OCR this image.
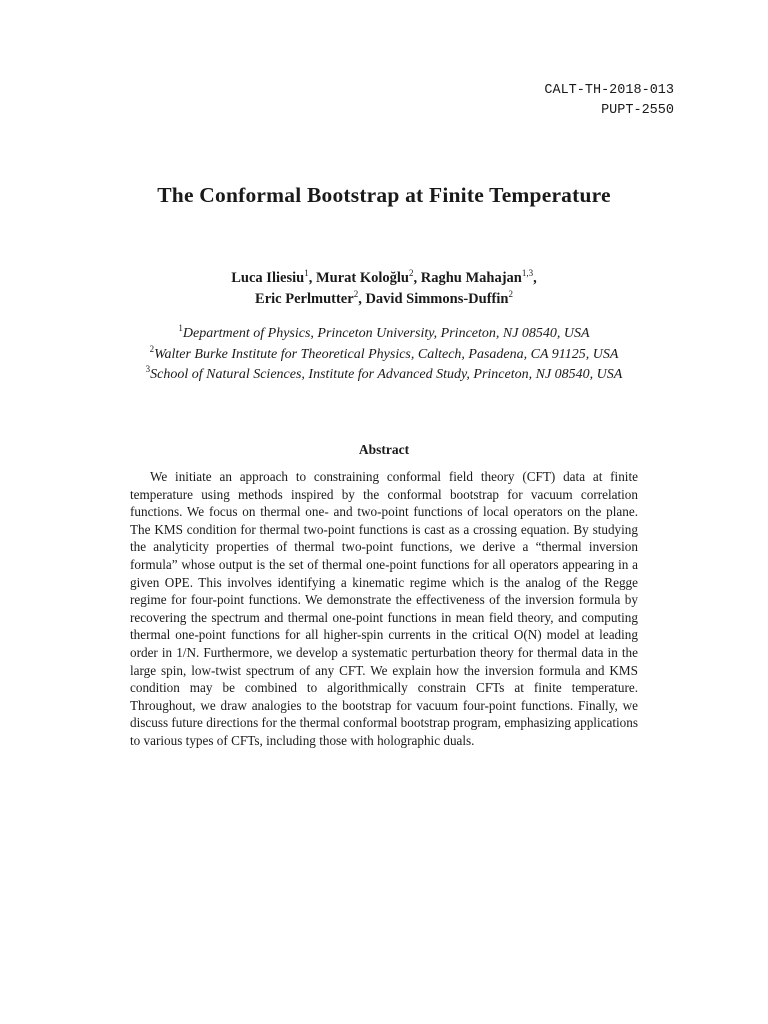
CALT-TH-2018-013
PUPT-2550
The Conformal Bootstrap at Finite Temperature
Luca Iliesiu$^1$, Murat Koloğlu$^2$, Raghu Mahajan$^{1,3}$,
Eric Perlmutter$^2$, David Simmons-Duffin$^2$
$^1$Department of Physics, Princeton University, Princeton, NJ 08540, USA
$^2$Walter Burke Institute for Theoretical Physics, Caltech, Pasadena, CA 91125, USA
$^3$School of Natural Sciences, Institute for Advanced Study, Princeton, NJ 08540, USA
Abstract

We initiate an approach to constraining conformal field theory (CFT) data at finite temperature using methods inspired by the conformal bootstrap for vacuum correlation functions. We focus on thermal one- and two-point functions of local operators on the plane. The KMS condition for thermal two-point functions is cast as a crossing equation. By studying the analyticity properties of thermal two-point functions, we derive a “thermal inversion formula” whose output is the set of thermal one-point functions for all operators appearing in a given OPE. This involves identifying a kinematic regime which is the analog of the Regge regime for four-point functions. We demonstrate the effectiveness of the inversion formula by recovering the spectrum and thermal one-point functions in mean field theory, and computing thermal one-point functions for all higher-spin currents in the critical O(N) model at leading order in 1/N. Furthermore, we develop a systematic perturbation theory for thermal data in the large spin, low-twist spectrum of any CFT. We explain how the inversion formula and KMS condition may be combined to algorithmically constrain CFTs at finite temperature. Throughout, we draw analogies to the bootstrap for vacuum four-point functions. Finally, we discuss future directions for the thermal conformal bootstrap program, emphasizing applications to various types of CFTs, including those with holographic duals.
